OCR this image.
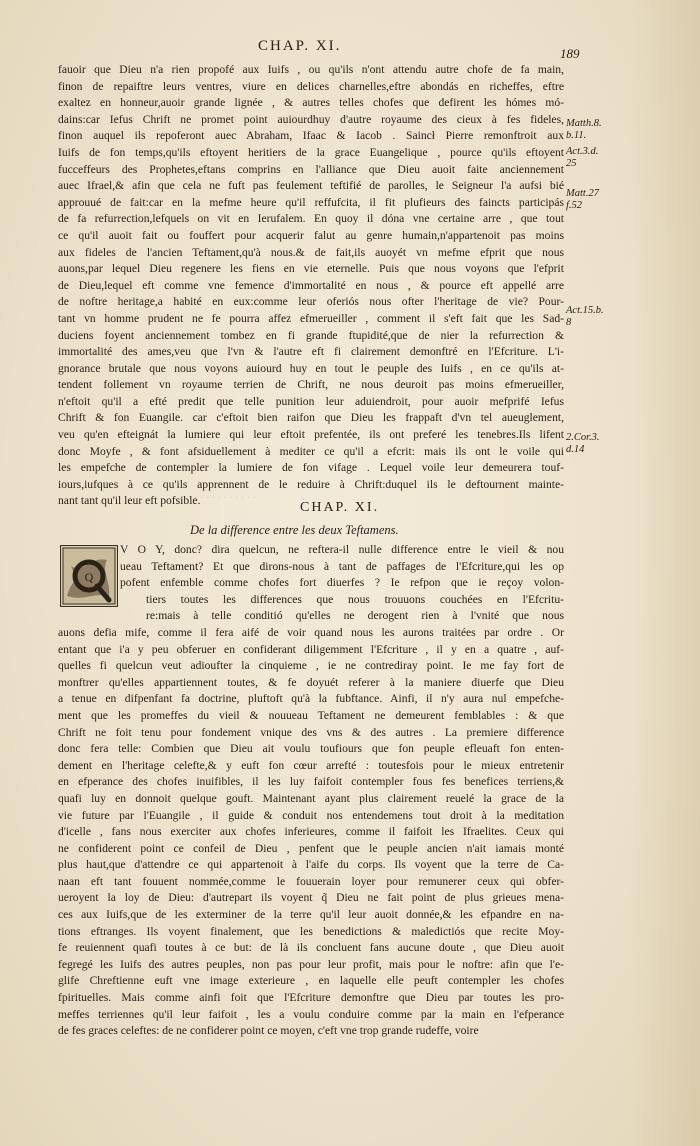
CHAP. XI.	189
fauoir que Dieu n'a rien propofé aux Iuifs , ou qu'ils n'ont attendu autre chofe de fa main,
finon de repaiftre leurs ventres, viure en delices charnelles,eftre abondás en richeffes, eftre
exaltez en honneur,auoir grande lignée , & autres telles chofes que defirent les hómes mó-
dains:car Iefus Chrift ne promet point auiourdhuy d'autre royaume des cieux à fes fideles,
finon auquel ils repoferont auec Abraham, Ifaac & Iacob . Saincł Pierre remonftroit aux
Iuifs de fon temps,qu'ils eftoyent heritiers de la grace Euangelique , pource qu'ils eftoyent
fucceffeurs des Prophetes,eftans comprins en l'alliance que Dieu auoit faite anciennement
auec Ifrael,& afin que cela ne fuft pas feulement teftifié de parolles, le Seigneur l'a aufsi bié
approuué de fait:car en la mefme heure qu'il reffufcita, il fit plufieurs des faincts participás
de fa refurrection,lefquels on vit en Ierufalem. En quoy il dóna vne certaine arre , que tout
ce qu'il auoit fait ou fouffert pour acquerir falut au genre humain,n'appartenoit pas moins
aux fideles de l'ancien Teftament,qu'à nous.& de fait,ils auoyét vn mefme efprit que nous
auons,par lequel Dieu regenere les fiens en vie eternelle. Puis que nous voyons que l'efprit
de Dieu,lequel eft comme vne femence d'immortalité en nous , & pource eft appellé arre
de noftre heritage,a habité en eux:comme leur oferiós nous ofter l'heritage de vie? Pour-
tant vn homme prudent ne fe pourra affez efmerueiller , comment il s'eft fait que les Sad-
duciens foyent anciennement tombez en fi grande ftupidité,que de nier la refurrection &
immortalité des ames,veu que l'vn & l'autre eft fi clairement demonftré en l'Efcriture. L'i-
gnorance brutale que nous voyons auiourd huy en tout le peuple des Iuifs , en ce qu'ils at-
tendent follement vn royaume terrien de Chrift, ne nous deuroit pas moins efmerueiller,
n'eftoit qu'il a efté predit que telle punition leur aduiendroit, pour auoir mefprifé Iefus
Chrift & fon Euangile. car c'eftoit bien raifon que Dieu les frappaft d'vn tel aueuglement,
veu qu'en efteignát la lumiere qui leur eftoit prefentée, ils ont preferé les tenebres.Ils lifent
donc Moyfe , & font afsiduellement à mediter ce qu'il a efcrit: mais ils ont le voile qui
les empefche de contempler la lumiere de fon vifage . Lequel voile leur demeurera touf-
iours,iufques à ce qu'ils apprennent de le reduire à Chrift:duquel ils le deftournent mainte-
nant tant qu'il leur eft pofsible.
· · · · · · · · · · · ·
CHAP. XI.
De la difference entre les deux Teftamens.
Q
V O Y, donc? dira quelcun, ne reftera-il nulle difference entre le vieil & nou
ueau Teftament? Et que dirons-nous à tant de paffages de l'Efcriture,qui les op
pofent enfemble comme chofes fort diuerfes ? Ie refpon que ie reçoy volon-
tiers toutes les differences que nous trouuons couchées en l'Efcritu-
re:mais à telle conditió qu'elles ne derogent rien à l'vnité que nous
auons defia mife, comme il fera aifé de voir quand nous les aurons traitées par ordre . Or
entant que i'a y peu obferuer en confiderant diligemment l'Efcriture , il y en a quatre , auf-
quelles fi quelcun veut adioufter la cinquieme , ie ne contrediray point. Ie me fay fort de
monftrer qu'elles appartiennent toutes, & fe doyuét referer à la maniere diuerfe que Dieu
a tenue en difpenfant fa doctrine, pluftoft qu'à la fubftance. Ainfi, il n'y aura nul empefche-
ment que les promeffes du vieil & nouueau Teftament ne demeurent femblables : & que
Chrift ne foit tenu pour fondement vnique des vns & des autres . La premiere difference
donc fera telle: Combien que Dieu ait voulu toufiours que fon peuple efleuaft fon enten-
dement en l'heritage celefte,& y euft fon cœur arrefté : toutesfois pour le mieux entretenir
en efperance des chofes inuifibles, il les luy faifoit contempler fous fes benefices terriens,&
quafi luy en donnoit quelque gouft. Maintenant ayant plus clairement reuelé la grace de la
vie future par l'Euangile , il guide & conduit nos entendemens tout droit à la meditation
d'icelle , fans nous exerciter aux chofes inferieures, comme il faifoit les Ifraelites. Ceux qui
ne confiderent point ce confeil de Dieu , penfent que le peuple ancien n'ait iamais monté
plus haut,que d'attendre ce qui appartenoit à l'aife du corps. Ils voyent que la terre de Ca-
naan eft tant fouuent nommée,comme le fouuerain loyer pour remunerer ceux qui obfer-
ueroyent la loy de Dieu: d'autrepart ils voyent q̃ Dieu ne fait point de plus grieues mena-
ces aux Iuifs,que de les exterminer de la terre qu'il leur auoit donnée,& les efpandre en na-
tions eftranges. Ils voyent finalement, que les benedictions & maledictiós que recite Moy-
fe reuiennent quafi toutes à ce but: de là ils concluent fans aucune doute , que Dieu auoit
fegregé les Iuifs des autres peuples, non pas pour leur profit, mais pour le noftre: afin que l'e-
glife Chreftienne euft vne image exterieure , en laquelle elle peuft contempler les chofes
fpirituelles. Mais comme ainfi foit que l'Efcriture demonftre que Dieu par toutes les pro-
meffes terriennes qu'il leur faifoit , les a voulu conduire comme par la main en l'efperance
de fes graces celeftes: de ne confiderer point ce moyen, c'eft vne trop grande rudeffe, voire
Matth.8.
b.11.
Act.3.d.
25
Matt.27
f.52
Act.15.b.
8
2.Cor.3.
d.14
